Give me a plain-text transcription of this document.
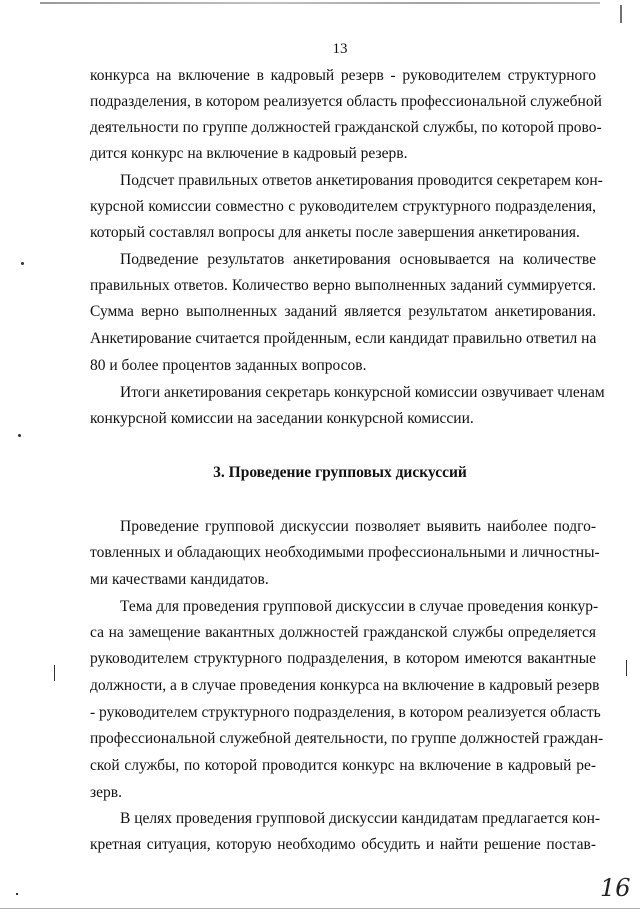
13
конкурса на включение в кадровый резерв - руководителем структурного
подразделения, в котором реализуется область профессиональной служебной
деятельности по группе должностей гражданской службы, по которой прово-
дится конкурс на включение в кадровый резерв.
Подсчет правильных ответов анкетирования проводится секретарем кон-
курсной комиссии совместно с руководителем структурного подразделения,
который составлял вопросы для анкеты после завершения анкетирования.
Подведение результатов анкетирования основывается на количестве
правильных ответов. Количество верно выполненных заданий суммируется.
Сумма верно выполненных заданий является результатом анкетирования.
Анкетирование считается пройденным, если кандидат правильно ответил на
80 и более процентов заданных вопросов.
Итоги анкетирования секретарь конкурсной комиссии озвучивает членам
конкурсной комиссии на заседании конкурсной комиссии.
3. Проведение групповых дискуссий
Проведение групповой дискуссии позволяет выявить наиболее подго-
товленных и обладающих необходимыми профессиональными и личностны-
ми качествами кандидатов.
Тема для проведения групповой дискуссии в случае проведения конкур-
са на замещение вакантных должностей гражданской службы определяется
руководителем структурного подразделения, в котором имеются вакантные
должности, а в случае проведения конкурса на включение в кадровый резерв
- руководителем структурного подразделения, в котором реализуется область
профессиональной служебной деятельности, по группе должностей граждан-
ской службы, по которой проводится конкурс на включение в кадровый ре-
зерв.
В целях проведения групповой дискуссии кандидатам предлагается кон-
кретная ситуация, которую необходимо обсудить и найти решение постав-
16
